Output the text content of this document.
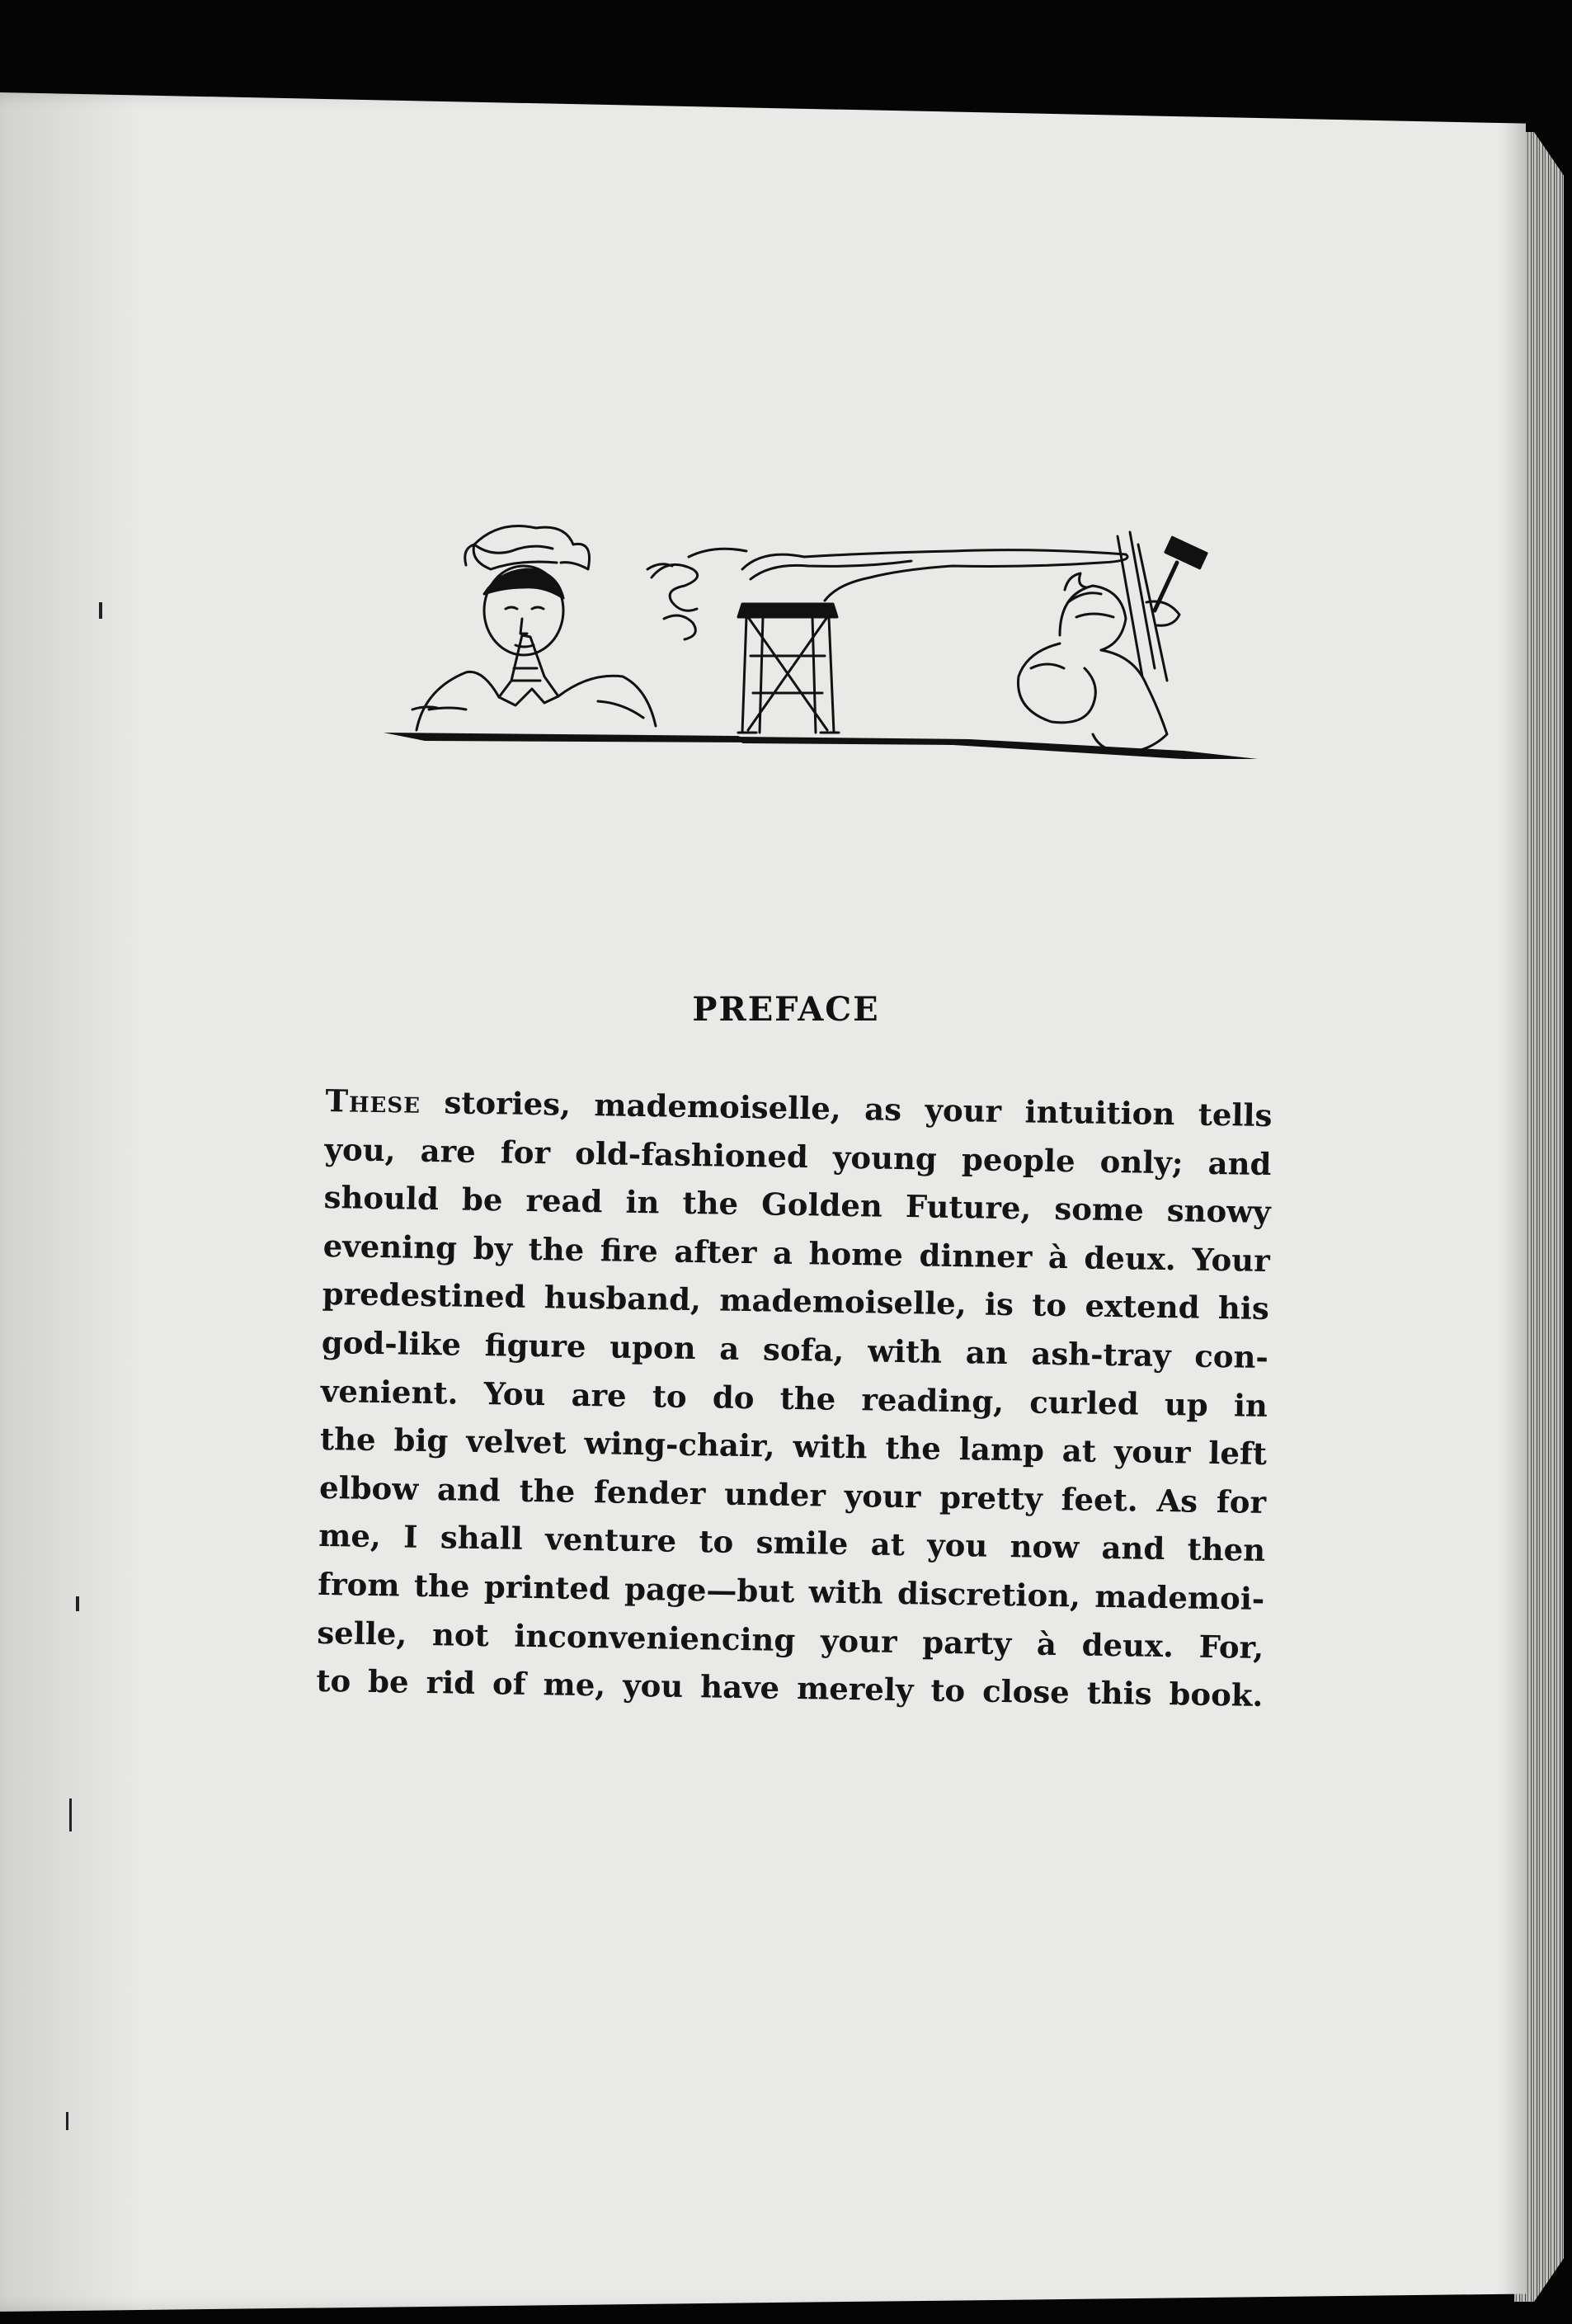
PREFACE
These stories, mademoiselle, as your intuition tells
you, are for old-fashioned young people only; and
should be read in the Golden Future, some snowy
evening by the fire after a home dinner à deux. Your
predestined husband, mademoiselle, is to extend his
god-like figure upon a sofa, with an ash-tray con-
venient. You are to do the reading, curled up in
the big velvet wing-chair, with the lamp at your left
elbow and the fender under your pretty feet. As for
me, I shall venture to smile at you now and then
from the printed page—but with discretion, mademoi-
selle, not inconveniencing your party à deux. For,
to be rid of me, you have merely to close this book.
